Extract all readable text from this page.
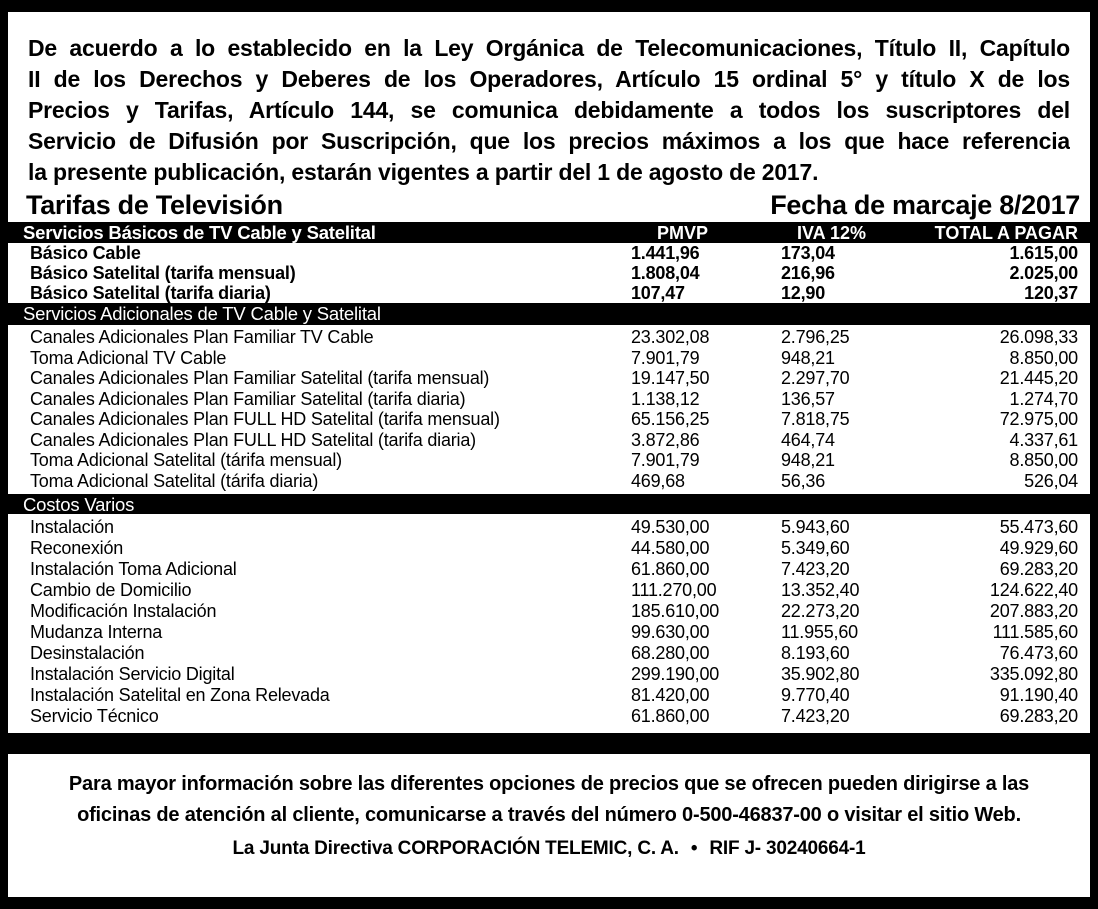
De acuerdo a lo establecido en la Ley Orgánica de Telecomunicaciones, Título II, Capítulo
II de los Derechos y Deberes de los Operadores, Artículo 15 ordinal 5° y título X de los
Precios y Tarifas, Artículo 144, se comunica debidamente a todos los suscriptores del
Servicio de Difusión por Suscripción, que los precios máximos a los que hace referencia
la presente publicación, estarán vigentes a partir del 1 de agosto de 2017.
Tarifas de Televisión	Fecha de marcaje 8/2017
Servicios Básicos de TV Cable y Satelital	PMVP	IVA 12%	TOTAL A PAGAR
Básico Cable	1.441,96	173,04	1.615,00
Básico Satelital (tarifa mensual)	1.808,04	216,96	2.025,00
Básico Satelital (tarifa diaria)	107,47	12,90	120,37
Servicios Adicionales de TV Cable y Satelital
Canales Adicionales Plan Familiar TV Cable	23.302,08	2.796,25	26.098,33
Toma Adicional TV Cable	7.901,79	948,21	8.850,00
Canales Adicionales Plan Familiar Satelital (tarifa mensual)	19.147,50	2.297,70	21.445,20
Canales Adicionales Plan Familiar Satelital (tarifa diaria)	1.138,12	136,57	1.274,70
Canales Adicionales Plan FULL HD Satelital (tarifa mensual)	65.156,25	7.818,75	72.975,00
Canales Adicionales Plan FULL HD Satelital (tarifa diaria)	3.872,86	464,74	4.337,61
Toma Adicional Satelital (tárifa mensual)	7.901,79	948,21	8.850,00
Toma Adicional Satelital (tárifa diaria)	469,68	56,36	526,04
Costos Varios
Instalación	49.530,00	5.943,60	55.473,60
Reconexión	44.580,00	5.349,60	49.929,60
Instalación Toma Adicional	61.860,00	7.423,20	69.283,20
Cambio de Domicilio	111.270,00	13.352,40	124.622,40
Modificación Instalación	185.610,00	22.273,20	207.883,20
Mudanza Interna	99.630,00	11.955,60	111.585,60
Desinstalación	68.280,00	8.193,60	76.473,60
Instalación Servicio Digital	299.190,00	35.902,80	335.092,80
Instalación Satelital en Zona Relevada	81.420,00	9.770,40	91.190,40
Servicio Técnico	61.860,00	7.423,20	69.283,20
Para mayor información sobre las diferentes opciones de precios que se ofrecen pueden dirigirse a las
oficinas de atención al cliente, comunicarse a través del número 0-500-46837-00 o visitar el sitio Web.
La Junta Directiva CORPORACIÓN TELEMIC, C. A. • RIF J- 30240664-1
